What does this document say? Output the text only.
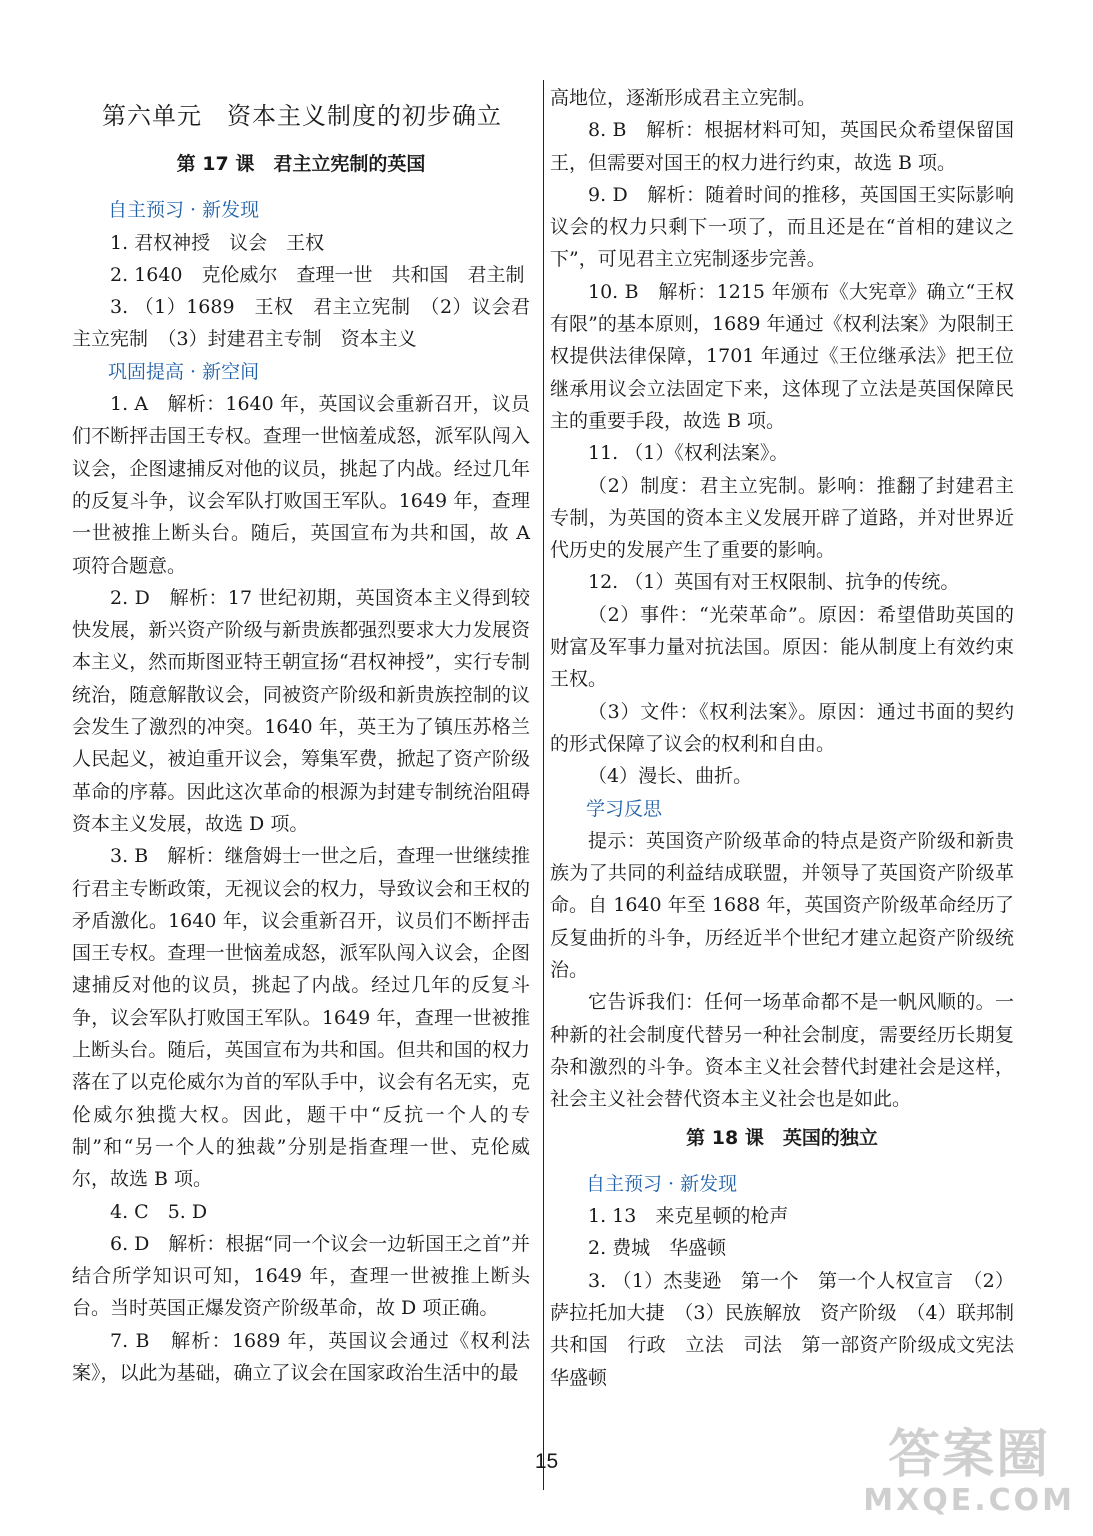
第六单元　资本主义制度的初步确立

第 17 课　君主立宪制的英国

自主预习 · 新发现

1. 君权神授　议会　王权

2. 1640　克伦威尔　查理一世　共和国　君主制

3. （1）1689　王权　君主立宪制　（2）议会君主立宪制　（3）封建君主专制　资本主义

巩固提高 · 新空间

1. A　解析：1640 年，英国议会重新召开，议员们不断抨击国王专权。查理一世恼羞成怒，派军队闯入议会，企图逮捕反对他的议员，挑起了内战。经过几年的反复斗争，议会军队打败国王军队。1649 年，查理一世被推上断头台。随后，英国宣布为共和国，故 A 项符合题意。

2. D　解析：17 世纪初期，英国资本主义得到较快发展，新兴资产阶级与新贵族都强烈要求大力发展资本主义，然而斯图亚特王朝宣扬“君权神授”，实行专制统治，随意解散议会，同被资产阶级和新贵族控制的议会发生了激烈的冲突。1640 年，英王为了镇压苏格兰人民起义，被迫重开议会，筹集军费，掀起了资产阶级革命的序幕。因此这次革命的根源为封建专制统治阻碍资本主义发展，故选 D 项。

3. B　解析：继詹姆士一世之后，查理一世继续推行君主专断政策，无视议会的权力，导致议会和王权的矛盾激化。1640 年，议会重新召开，议员们不断抨击国王专权。查理一世恼羞成怒，派军队闯入议会，企图逮捕反对他的议员，挑起了内战。经过几年的反复斗争，议会军队打败国王军队。1649 年，查理一世被推上断头台。随后，英国宣布为共和国。但共和国的权力落在了以克伦威尔为首的军队手中，议会有名无实，克伦威尔独揽大权。因此，题干中“反抗一个人的专制”和“另一个人的独裁”分别是指查理一世、克伦威尔，故选 B 项。

4. C　5. D

6. D　解析：根据“同一个议会一边斩国王之首”并结合所学知识可知，1649 年，查理一世被推上断头台。当时英国正爆发资产阶级革命，故 D 项正确。

7. B　解析：1689 年，英国议会通过《权利法案》，以此为基础，确立了议会在国家政治生活中的最

高地位，逐渐形成君主立宪制。

8. B　解析：根据材料可知，英国民众希望保留国王，但需要对国王的权力进行约束，故选 B 项。

9. D　解析：随着时间的推移，英国国王实际影响议会的权力只剩下一项了，而且还是在“首相的建议之下”，可见君主立宪制逐步完善。

10. B　解析：1215 年颁布《大宪章》确立“王权有限”的基本原则，1689 年通过《权利法案》为限制王权提供法律保障，1701 年通过《王位继承法》把王位继承用议会立法固定下来，这体现了立法是英国保障民主的重要手段，故选 B 项。

11. （1）《权利法案》。

（2）制度：君主立宪制。影响：推翻了封建君主专制，为英国的资本主义发展开辟了道路，并对世界近代历史的发展产生了重要的影响。

12. （1）英国有对王权限制、抗争的传统。

（2）事件：“光荣革命”。原因：希望借助英国的财富及军事力量对抗法国。原因：能从制度上有效约束王权。

（3）文件：《权利法案》。原因：通过书面的契约的形式保障了议会的权利和自由。

（4）漫长、曲折。

学习反思

提示：英国资产阶级革命的特点是资产阶级和新贵族为了共同的利益结成联盟，并领导了英国资产阶级革命。自 1640 年至 1688 年，英国资产阶级革命经历了反复曲折的斗争，历经近半个世纪才建立起资产阶级统治。

它告诉我们：任何一场革命都不是一帆风顺的。一种新的社会制度代替另一种社会制度，需要经历长期复杂和激烈的斗争。资本主义社会替代封建社会是这样，社会主义社会替代资本主义社会也是如此。

第 18 课　英国的独立

自主预习 · 新发现

1. 13　来克星顿的枪声

2. 费城　华盛顿

3. （1）杰斐逊　第一个　第一个人权宣言　（2）萨拉托加大捷　（3）民族解放　资产阶级　（4）联邦制共和国　行政　立法　司法　第一部资产阶级成文宪法　华盛顿

15	答案圈
MXQE.COM
